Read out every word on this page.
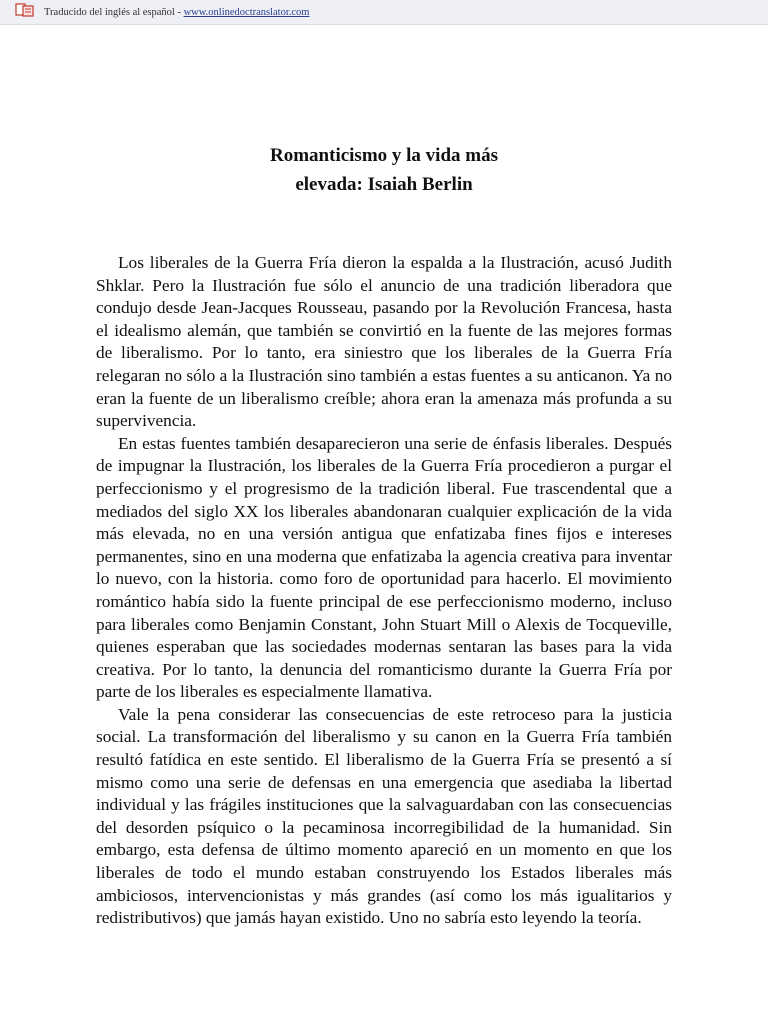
Traducido del inglés al español - www.onlinedoctranslator.com
Romanticismo y la vida más
elevada: Isaiah Berlin

Los liberales de la Guerra Fría dieron la espalda a la Ilustración, acusó Judith Shklar. Pero la Ilustración fue sólo el anuncio de una tradición liberadora que condujo desde Jean-Jacques Rousseau, pasando por la Revolución Francesa, hasta el idealismo alemán, que también se convirtió en la fuente de las mejores formas de liberalismo. Por lo tanto, era siniestro que los liberales de la Guerra Fría relegaran no sólo a la Ilustración sino también a estas fuentes a su anticanon. Ya no eran la fuente de un liberalismo creíble; ahora eran la amenaza más profunda a su supervivencia.

En estas fuentes también desaparecieron una serie de énfasis liberales. Después de impugnar la Ilustración, los liberales de la Guerra Fría procedieron a purgar el perfeccionismo y el progresismo de la tradición liberal. Fue trascendental que a mediados del siglo XX los liberales abandonaran cualquier explicación de la vida más elevada, no en una versión antigua que enfatizaba fines fijos e intereses permanentes, sino en una moderna que enfatizaba la agencia creativa para inventar lo nuevo, con la historia. como foro de oportunidad para hacerlo. El movimiento romántico había sido la fuente principal de ese perfeccionismo moderno, incluso para liberales como Benjamin Constant, John Stuart Mill o Alexis de Tocqueville, quienes esperaban que las sociedades modernas sentaran las bases para la vida creativa. Por lo tanto, la denuncia del romanticismo durante la Guerra Fría por parte de los liberales es especialmente llamativa.

Vale la pena considerar las consecuencias de este retroceso para la justicia social. La transformación del liberalismo y su canon en la Guerra Fría también resultó fatídica en este sentido. El liberalismo de la Guerra Fría se presentó a sí mismo como una serie de defensas en una emergencia que asediaba la libertad individual y las frágiles instituciones que la salvaguardaban con las consecuencias del desorden psíquico o la pecaminosa incorregibilidad de la humanidad. Sin embargo, esta defensa de último momento apareció en un momento en que los liberales de todo el mundo estaban construyendo los Estados liberales más ambiciosos, intervencionistas y más grandes (así como los más igualitarios y redistributivos) que jamás hayan existido. Uno no sabría esto leyendo la teoría.
